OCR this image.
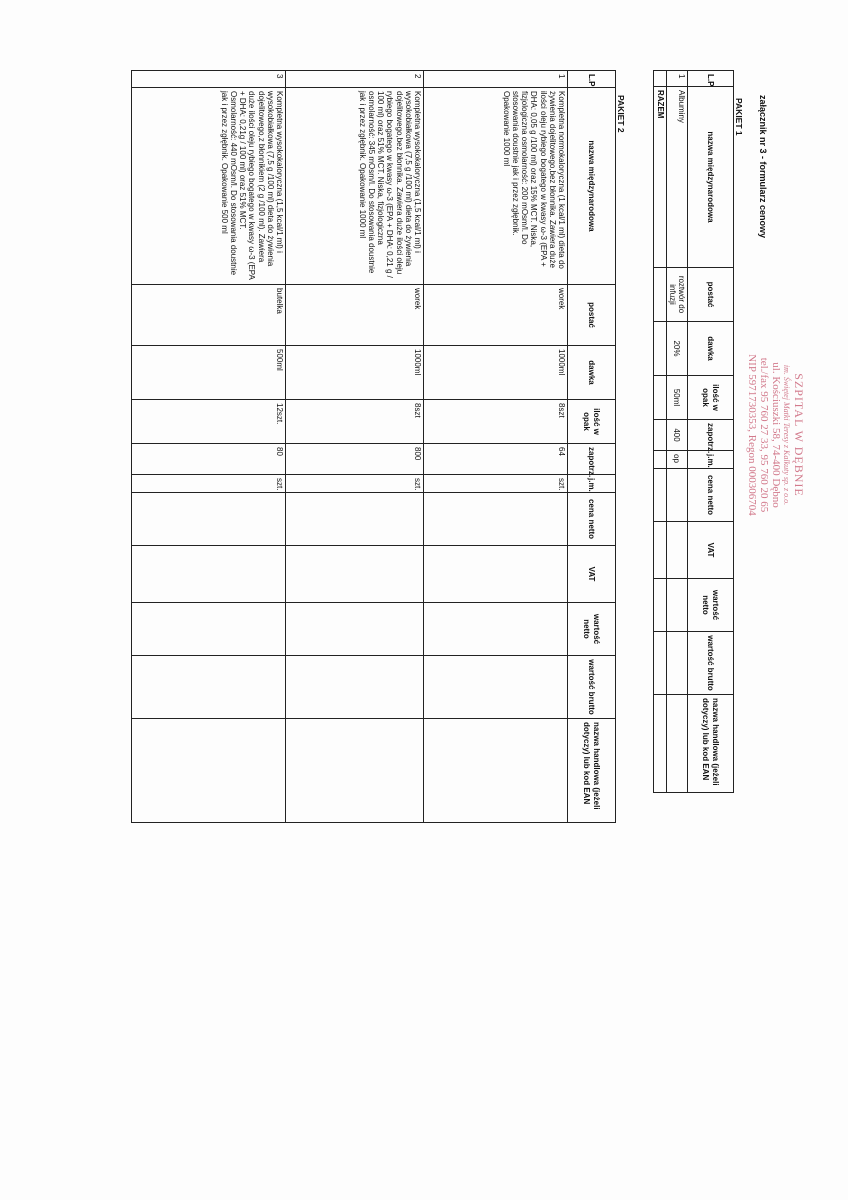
załącznik nr 3 - formularz cenowy
SZPITAL W DĘBNIE
im. Świętej Matki Teresy z Kalkuty sp. z o.o.
ul. Kościuszki 58, 74-400 Dębno
tel./fax 95 760 27 33, 95 760 20 65
NIP 5971730353, Regon 000306704
PAKIET 1
L.P	nazwa międzynarodowa	postać	dawka	ilość w opak	zapotrz.	j.m.	cena netto	VAT	wartość netto	wartość brutto	nazwa handlowa (jeżeli dotyczy) lub kod EAN
1	Albuminy	roztwór do infuzji	20%	50ml	400	op					
	RAZEM										
PAKIET 2
L.P	nazwa międzynarodowa	postać	dawka	ilość w opak	zapotrz.	j.m.	cena netto	VAT	wartość netto	wartość brutto	nazwa handlowa (jeżeli dotyczy) lub kod EAN
1	Kompletna normokaloryczna (1 kcal/1 ml) dieta do żywienia dojelitowego,bez błonnika. Zawiera duże ilości oleju rybiego bogatego w kwasy ω-3 (EPA + DHA: 0,05 g /100 ml) oraz 15% MCT. Niska, fizjologiczna osmolarność: 200 mOsm/l. Do stosowania doustnie jak i przez zgłębnik. Opakowanie 1000 ml	worek	1000ml	8szt	64	szt.					
2	Kompletna wysokokaloryczna (1,5 kcal/1 ml) i wysokobiałkowa (7,5 g /100 ml) dieta do żywienia dojelitowego,bez błonnika. Zawiera duże ilości oleju rybiego bogatego w kwasy ω-3 (EPA + DHA: 0,21 g / 100 ml) oraz 51% MCT. Niska, fizjologiczna osmolarność: 345 mOsm/l. Do stosowania doustnie jak i przez zgłębnik. Opakowanie 1000 ml	worek	1000ml	8szt	800	szt.					
3	Kompletna wysokokaloryczna (1,5 kcal/1 ml) i wysokobiałkowa (7,5 g /100 ml) dieta do żywienia dojelitowego,z błonnikiem (2 g /100 ml). Zawiera duże ilości oleju rybiego bogatego w kwasy ω-3 (EPA + DHA: 0,21g / 100 ml) oraz 51% MCT. Osmolarność: 440 mOsm/l. Do stosowania doustnie jak i przez zgłębnik. Opakowanie 500 ml	butelka	500ml	12szt.	80	szt.					
